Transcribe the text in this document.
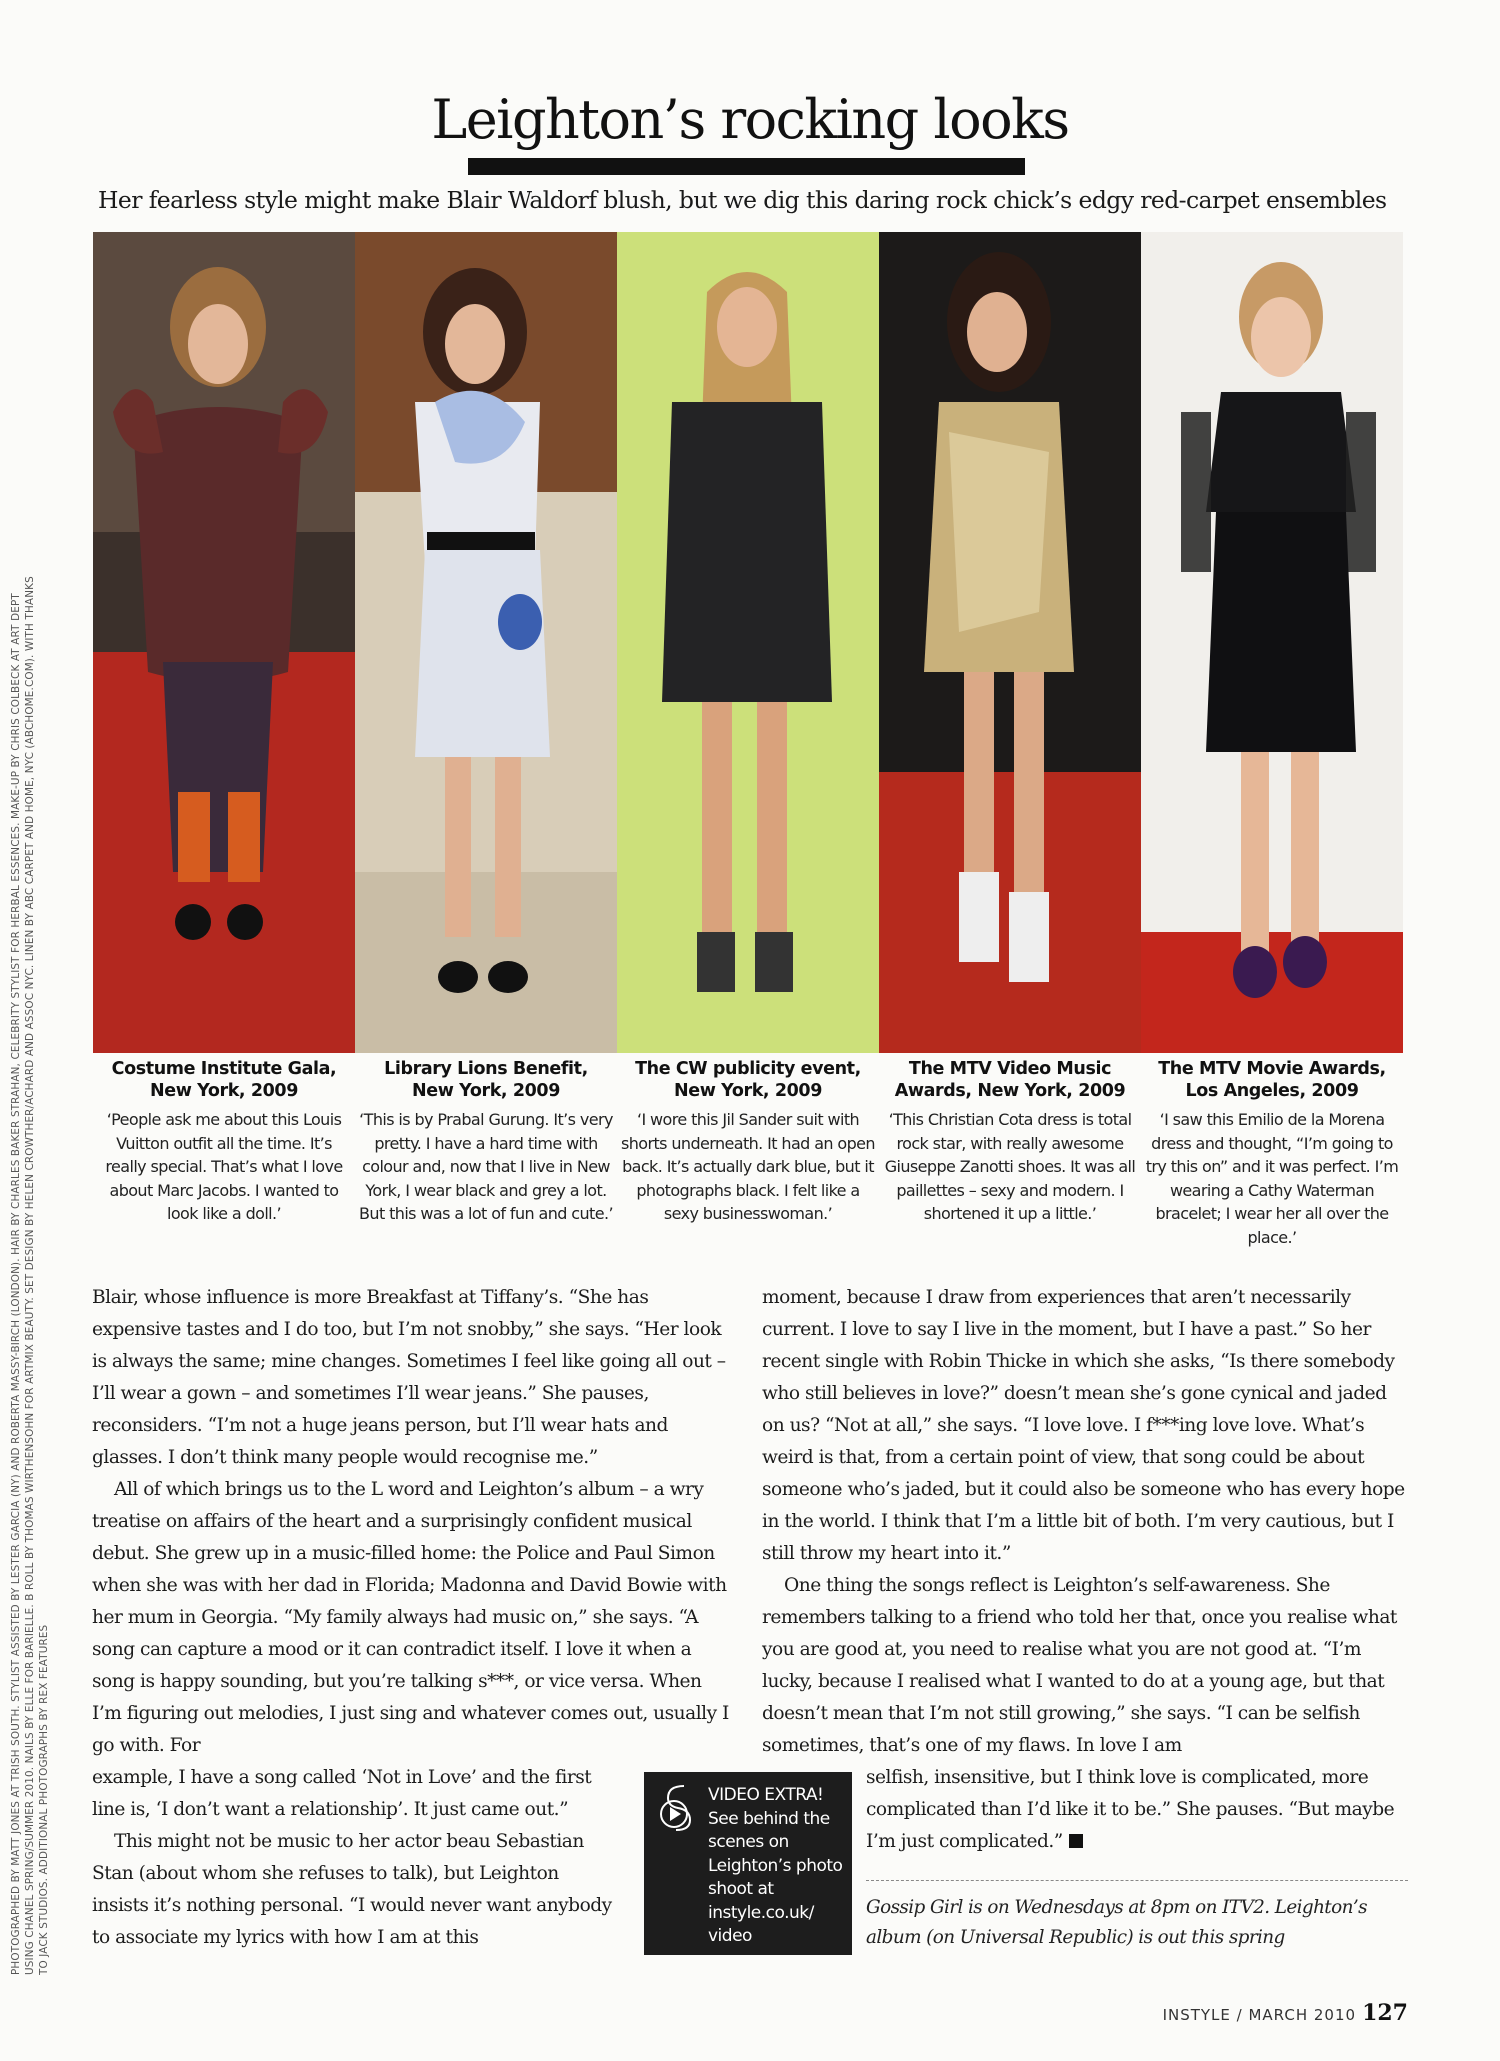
PHOTOGRAPHED BY MATT JONES AT TRISH SOUTH. STYLIST ASSISTED BY LESTER GARCIA (NY) AND ROBERTA MASSY-BIRCH (LONDON). HAIR BY CHARLES BAKER STRAHAN, CELEBRITY STYLIST FOR HERBAL ESSENCES. MAKE-UP BY CHRIS COLBECK AT ART DEPT USING CHANEL SPRING/SUMMER 2010. NAILS BY ELLE FOR BARIELLE. B ROLL BY THOMAS WIRTHENSOHN FOR ARTMIX BEAUTY. SET DESIGN BY HELEN CROWTHER/ACHARD AND ASSOC NYC. LINEN BY ABC CARPET AND HOME, NYC (ABCHOME.COM). WITH THANKS TO JACK STUDIOS. ADDITIONAL PHOTOGRAPHS BY REX FEATURES
Leighton’s rocking looks
Her fearless style might make Blair Waldorf blush, but we dig this daring rock chick’s edgy red-carpet ensembles
Costume Institute Gala,
New York, 2009
‘People ask me about this Louis Vuitton outfit all the time. It’s really special. That’s what I love about Marc Jacobs. I wanted to look like a doll.’
Library Lions Benefit,
New York, 2009
‘This is by Prabal Gurung. It’s very pretty. I have a hard time with colour and, now that I live in New York, I wear black and grey a lot. But this was a lot of fun and cute.’
The CW publicity event,
New York, 2009
‘I wore this Jil Sander suit with shorts underneath. It had an open back. It’s actually dark blue, but it photographs black. I felt like a sexy businesswoman.’
The MTV Video Music
Awards, New York, 2009
‘This Christian Cota dress is total rock star, with really awesome Giuseppe Zanotti shoes. It was all paillettes – sexy and modern. I shortened it up a little.’
The MTV Movie Awards,
Los Angeles, 2009
‘I saw this Emilio de la Morena dress and thought, “I’m going to try this on” and it was perfect. I’m wearing a Cathy Waterman bracelet; I wear her all over the place.’

Blair, whose influence is more Breakfast at Tiffany’s. “She has expensive tastes and I do too, but I’m not snobby,” she says. “Her look is always the same; mine changes. Sometimes I feel like going all out – I’ll wear a gown – and sometimes I’ll wear jeans.” She pauses, reconsiders. “I’m not a huge jeans person, but I’ll wear hats and glasses. I don’t think many people would recognise me.”

All of which brings us to the L word and Leighton’s album – a wry treatise on affairs of the heart and a surprisingly confident musical debut. She grew up in a music-filled home: the Police and Paul Simon when she was with her dad in Florida; Madonna and David Bowie with her mum in Georgia. “My family always had music on,” she says. “A song can capture a mood or it can contradict itself. I love it when a song is happy sounding, but you’re talking s***, or vice versa. When I’m figuring out melodies, I just sing and whatever comes out, usually I go with. For

example, I have a song called ‘Not in Love’ and the first line is, ‘I don’t want a relationship’. It just came out.”

This might not be music to her actor beau Sebastian Stan (about whom she refuses to talk), but Leighton insists it’s nothing personal. “I would never want anybody to associate my lyrics with how I am at this

moment, because I draw from experiences that aren’t necessarily current. I love to say I live in the moment, but I have a past.” So her recent single with Robin Thicke in which she asks, “Is there somebody who still believes in love?” doesn’t mean she’s gone cynical and jaded on us? “Not at all,” she says. “I love love. I f***ing love love. What’s weird is that, from a certain point of view, that song could be about someone who’s jaded, but it could also be someone who has every hope in the world. I think that I’m a little bit of both. I’m very cautious, but I still throw my heart into it.”

One thing the songs reflect is Leighton’s self-awareness. She remembers talking to a friend who told her that, once you realise what you are good at, you need to realise what you are not good at. “I’m lucky, because I realised what I wanted to do at a young age, but that doesn’t mean that I’m not still growing,” she says. “I can be selfish sometimes, that’s one of my flaws. In love I am

selfish, insensitive, but I think love is complicated, more complicated than I’d like it to be.” She pauses. “But maybe I’m just complicated.”

VIDEO EXTRA!
See behind the scenes on Leighton’s photo shoot at instyle.co.uk/ video
Gossip Girl is on Wednesdays at 8pm on ITV2. Leighton’s album (on Universal Republic) is out this spring
INSTYLE / MARCH 2010 127
